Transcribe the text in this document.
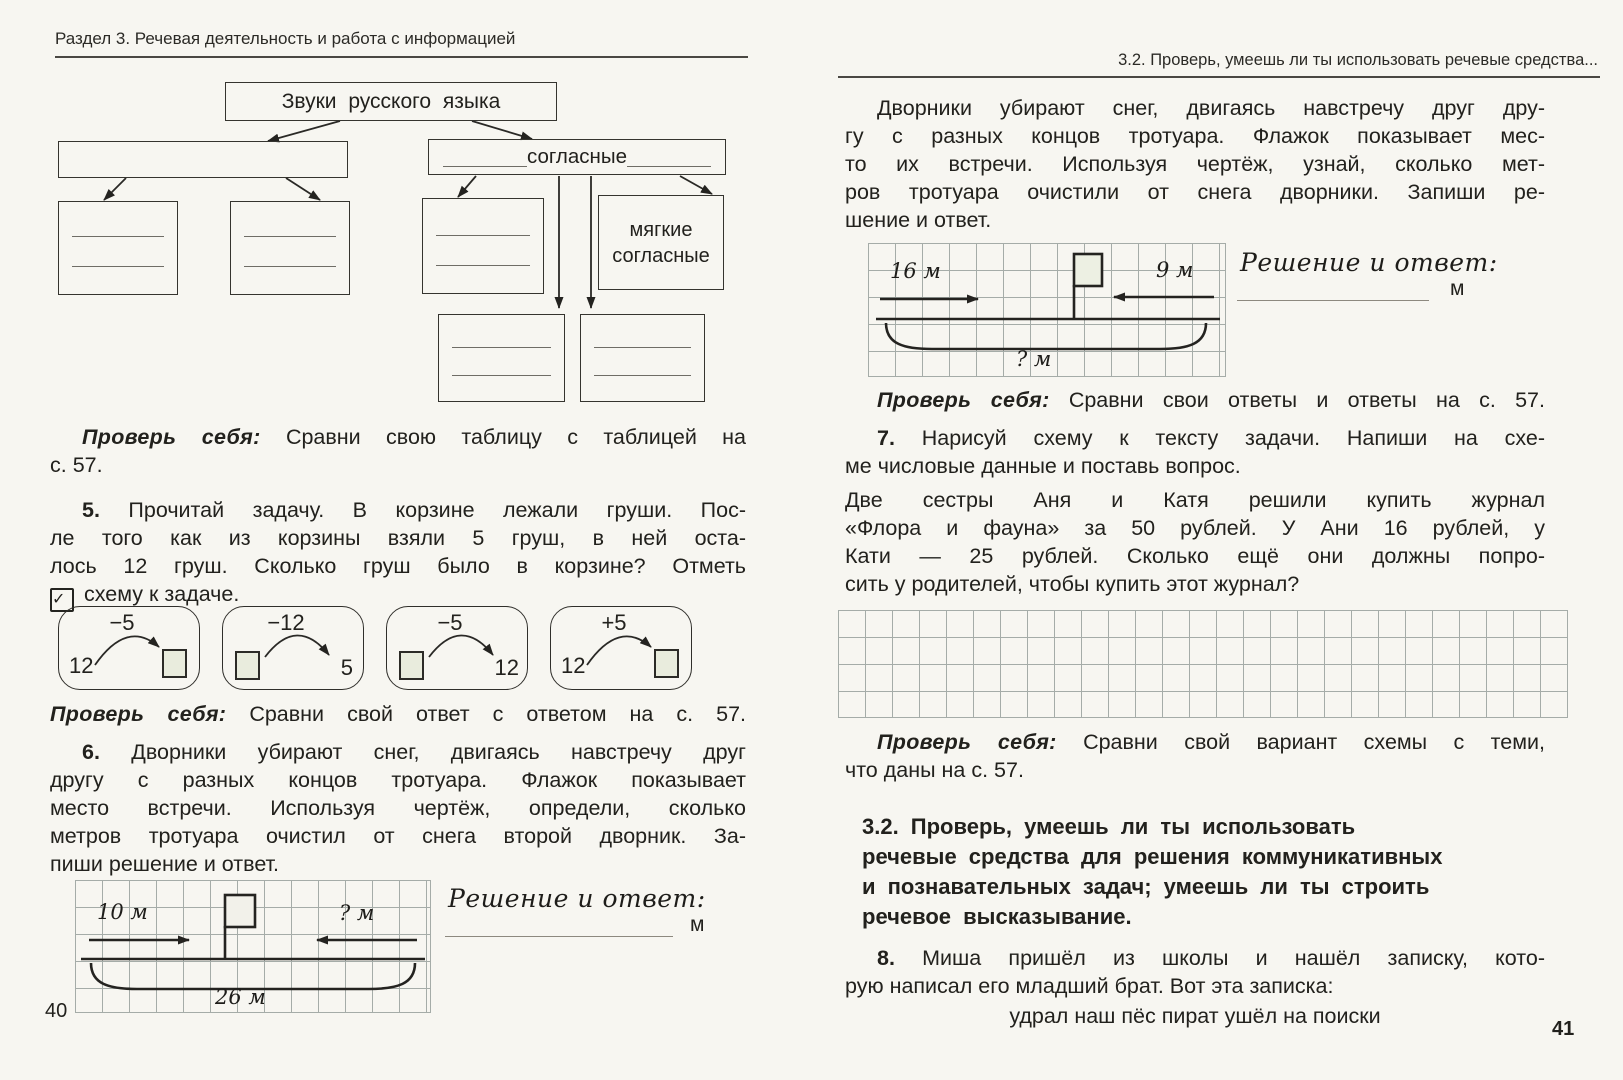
Раздел 3. Речевая деятельность и работа с информацией
Звуки русского языка
согласные
мягкие согласные
Проверь себя: Сравни свою таблицу с таблицей на
с. 57.
5. Прочитай задачу. В корзине лежали груши. Пос-
ле того как из корзины взяли 5 груш, в ней оста-
лось 12 груш. Сколько груш было в корзине? Отметь
✓ схему к задаче.
−5
12
−12
5
−5
12
+5
12
Проверь себя: Сравни свой ответ с ответом на с. 57.
6. Дворники убирают снег, двигаясь навстречу друг
другу с разных концов тротуара. Флажок показывает
место встречи. Используя чертёж, определи, сколько
метров тротуара очистил от снега второй дворник. За-
пиши решение и ответ.
10 м	? м
26 м
Решение и ответ:
м
40
3.2. Проверь, умеешь ли ты использовать речевые средства...
Дворники убирают снег, двигаясь навстречу друг дру-
гу с разных концов тротуара. Флажок показывает мес-
то их встречи. Используя чертёж, узнай, сколько мет-
ров тротуара очистили от снега дворники. Запиши ре-
шение и ответ.
16 м	9 м
? м
Решение и ответ:
м
Проверь себя: Сравни свои ответы и ответы на с. 57.
7. Нарисуй схему к тексту задачи. Напиши на схе-
ме числовые данные и поставь вопрос.
Две сестры Аня и Катя решили купить журнал
«Флора и фауна» за 50 рублей. У Ани 16 рублей, у
Кати — 25 рублей. Сколько ещё они должны попро-
сить у родителей, чтобы купить этот журнал?
Проверь себя: Сравни свой вариант схемы с теми,
что даны на с. 57.
3.2. Проверь, умеешь ли ты использовать
речевые средства для решения коммуникативных
и познавательных задач; умеешь ли ты строить
речевое высказывание.
8. Миша пришёл из школы и нашёл записку, кото-
рую написал его младший брат. Вот эта записка:
удрал наш пёс пират ушёл на поиски
41
